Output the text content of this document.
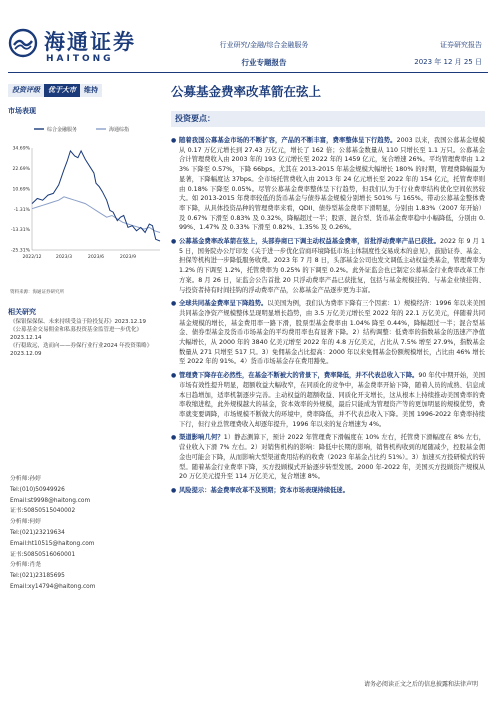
海通证券
HAITONG
行业研究/金融/综合金融服务
行业专题报告
证券研究报告
2023 年 12 月 25 日
投资评级	优于大市	维持	公募基金费率改革箭在弦上
市场表现
综合金融服务	海通综指
34.69%
22.69%
10.69%
-1.31%
-13.31%
-25.31%
2022/12	2023/3	2023/6	2023/9
资料来源：海通证券研究所
相关研究
《保银保保保、未来持续受益于险投复苏》2023.12.19
《公募基金交易佣金和私募投资基金监管进一步优化》2023.12.14
《行稳致远，迭而向——券保行业行业2024 年投资策略》2023.12.09
分析师:孙婷
Tel:(010)50949926
Email:st9998@haitong.com
证书:S0850515040002
分析师:何婷
Tel:(021)23219634
Email:ht10515@haitong.com
证书:S0850516060001
分析师:肖尧
Tel:(021)23185695
Email:xy14794@haitong.com
投资要点：
● 随着我国公募基金市场的不断扩容，产品的不断丰富，费率整体呈下行趋势。2003 以来，我国公募基金规模从 0.17 万亿元增长到 27.43 万亿元，增长了 162 倍；公募基金数量从 110 只增长至 1.1 万只。公募基金合计管理费收入由 2003 年的 193 亿元增长至 2022 年的 1459 亿元，复合增速 26%。平均管理费率由 1.23% 下降至 0.57%，下降 66bps。尤其在 2013-2015 年基金规模大幅增长 180% 的时期，管理费降幅最为显著，下降幅度达 37bps。全市场托管费收入由 2013 年 24 亿元增长至 2022 年的 154 亿元，托管费率则由 0.18% 下降至 0.05%。尽管公募基金费率整体呈下行趋势，但我们认为于行业费率结构优化空间依然较大。如 2013-2015 年费率较低的货币基金与债券基金规模分别增长 501% 与 165%。带动公募基金整体费率下降，从具体投资品种的管理费率来看，QDII、债券型基金费率下滑明显，分别由 1.83%（2007 年开始）及 0.67% 下滑至 0.83% 及 0.32%，降幅超过一半；股票、混合型、货币基金费率稳中小幅降低，分别由 0.99%、1.47% 及 0.33% 下滑至 0.82%、1.35% 及 0.26%。
● 公募基金费率改革箭在弦上，头部券商已下调主动权益基金费率，首批浮动费率产品已获批。2022 年 9 月 15 日，国务院办公厅印发《关于进一步优化营商环境降低市场主体制度性交易成本的意见》，鼓励证券、基金、担保等机构进一步降低服务收费。2023 年 7 月 8 日，头部基金公司也发文调低主动权益类基金，管理费率为 1.2% 的下调至 1.2%，托管费率为 0.25% 的下调至 0.2%。此外证监会也已制定公募基金行业费率改革工作方案。8 月 26 日，证监会公告首批 20 只浮动费率产品已获批复，包括与基金规模挂钩、与基金业绩挂钩、与投资者持有时间挂钩的浮动费率产品，公募基金产品逐步更为丰富。
● 全球共同基金费率呈下降趋势。以美国为例，我们认为费率下降有三个因素：1）规模经济：1996 年以来美国共同基金净资产规模整体呈现明显增长趋势，由 3.5 万亿美元增长至 2022 年的 22.1 万亿美元，伴随着共同基金规模的增长，基金费用率一路下滑，股票型基金费率由 1.04% 降至 0.44%，降幅超过一半；混合型基金、债券型基金及货币市场基金的平均费用率也有显著下降。2）结构调整：低费率的指数基金的迅速产净值大幅增长，从 2000 年的 3840 亿美元增至 2022 年的 4.8 万亿美元，占比从 7.5% 增至 27.9%，指数基金数量从 271 只增至 517 只。3）免佣基金占比提高：2000 年以来免佣基金份额规模增长，占比由 46% 增长至 2022 年的 91%。4）货币市场基金存在费用豁免。
● 管理费下降存在必然性，在基金不断被大的背景下，费率降低，并不代表总收入下降。90 年代中期开始，美国市场有效性提升明显，超额收益大幅收窄，在同质化的竞争中，基金费率开始下降，随着人员的成熟、信息成本日趋增加，适率机制逐步完善。主动权益的超额收益、同质化开支增长，这从根本上持续推动美国费率的费率收缩进程，此外规模越大的基金，资本效率的外规模，最后只能成为管理资产等的更加明显的规模优势，费率就变要调降，市场规模不断做大的环境中，费率降低，并不代表总收入下降。美国 1996-2022 年费率持续下行，但行业总管理费收入却逐年提升，1996 年以来的复合增速为 4%。
● 渠道影响几何？1）静态测算下，预计 2022 年管理费下滑幅度在 10% 左右，托管费下滑幅度在 8% 左右，营业收入下滑 7% 左右。2）对销售机构的影响：降低中长期的影响，销售机构收到的尾随减少，控股基金佣金也可能会下降，从而影响大型渠道费用结构的收费（2023 年基金占比约 51%）。3）加速买方投研模式的转型。随着基金行业费率下降，买方投顾模式开始逐步转型发展。2000 年-2022 年，美国买方投顾资产规模从 20 万亿美元提升至 114 万亿美元，复合增速 8%。
● 风险提示：基金费率改革不及预期；资本市场表现持续低迷。
请务必阅读正文之后的信息披露和法律声明
